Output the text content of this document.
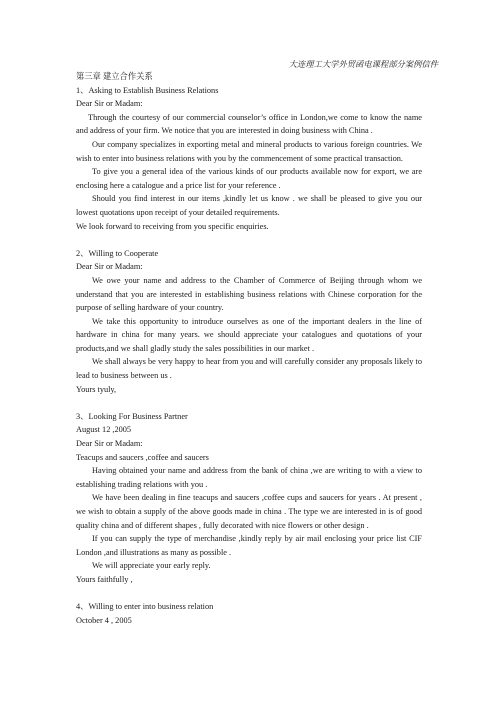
大连理工大学外贸函电课程部分案例信件

第三章 建立合作关系

1、Asking to Establish Business Relations

Dear Sir or Madam:

Through the courtesy of our commercial counselor’s office in London,we come to know the name and address of your firm. We notice that you are interested in doing business with China .

Our company specializes in exporting metal and mineral products to various foreign countries. We wish to enter into business relations with you by the commencement of some practical transaction.

To give you a general idea of the various kinds of our products available now for export, we are enclosing here a catalogue and a price list for your reference .

Should you find interest in our items ,kindly let us know . we shall be pleased to give you our lowest quotations upon receipt of your detailed requirements.

We look forward to receiving from you specific enquiries.

2、Willing to Cooperate

Dear Sir or Madam:

We owe your name and address to the Chamber of Commerce of Beijing through whom we understand that you are interested in establishing business relations with Chinese corporation for the purpose of selling hardware of your country.

We take this opportunity to introduce ourselves as one of the important dealers in the line of hardware in china for many years. we should appreciate your catalogues and quotations of your products,and we shall gladly study the sales possibilities in our market .

We shall always be very happy to hear from you and will carefully consider any proposals likely to lead to business between us .

Yours tyuly,

3、Looking For Business Partner

August 12 ,2005

Dear Sir or Madam:

Teacups and saucers ,coffee and saucers

Having obtained your name and address from the bank of china ,we are writing to with a view to establishing trading relations with you .

We have been dealing in fine teacups and saucers ,coffee cups and saucers for years . At present , we wish to obtain a supply of the above goods made in china . The type we are interested in is of good quality china and of different shapes , fully decorated with nice flowers or other design .

If you can supply the type of merchandise ,kindly reply by air mail enclosing your price list CIF London ,and illustrations as many as possible .

We will appreciate your early reply.

Yours faithfully ,

4、Willing to enter into business relation

October 4 , 2005
